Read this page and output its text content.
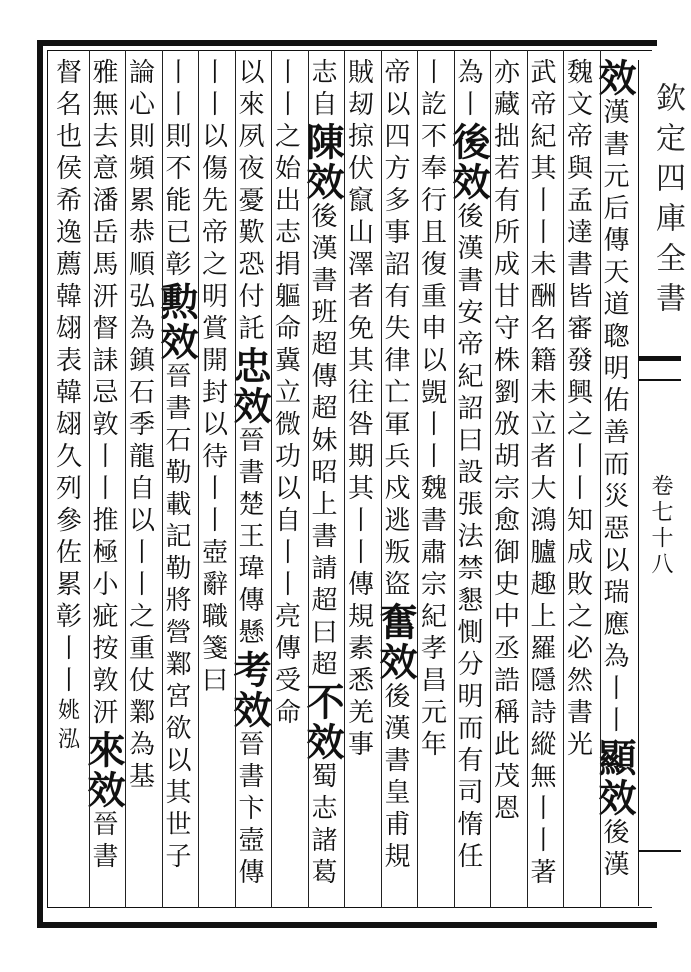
效漢書元后傳天道聦明佑善而災惡以瑞應為丨丨顯效後漢
魏文帝與孟達書皆審發興之丨丨知成敗之必然書光
武帝紀其丨丨未酬名籍未立者大鴻臚趣上羅隱詩縱無丨丨著
亦藏拙若有所成甘守株劉攽胡宗愈御史中丞誥稱此茂恩
為丨後效後漢書安帝紀詔曰設張法禁懇惻分明而有司惰任
丨訖不奉行且復重申以覬丨丨魏書肅宗紀孝昌元年
帝以四方多事詔有失律亡軍兵戍逃叛盜奮效後漢書皇甫規
賊刼掠伏竄山澤者免其往咎期其丨丨傳規素悉羌事
志自陳效後漢書班超傳超妹昭上書請超曰超不效蜀志諸葛
丨丨之始出志捐軀命冀立微功以自丨丨亮傳受命
以來夙夜憂歎恐付託忠效晉書楚王瑋傳懸考效晉書卞壼傳
丨丨以傷先帝之明賞開封以待丨丨壺辭職箋曰
丨丨則不能已彰勲效晉書石勒載記勒將營鄴宮欲以其世子
論心則頻累恭順弘為鎮石季龍自以丨丨之重仗鄴為基
雅無去意潘岳馬汧督誄忌敦丨丨推極小疵按敦汧來效晉書
督名也侯希逸薦韓翃表韓翃久列參佐累彰丨丨姚泓
欽定四庫全書
卷七十八
